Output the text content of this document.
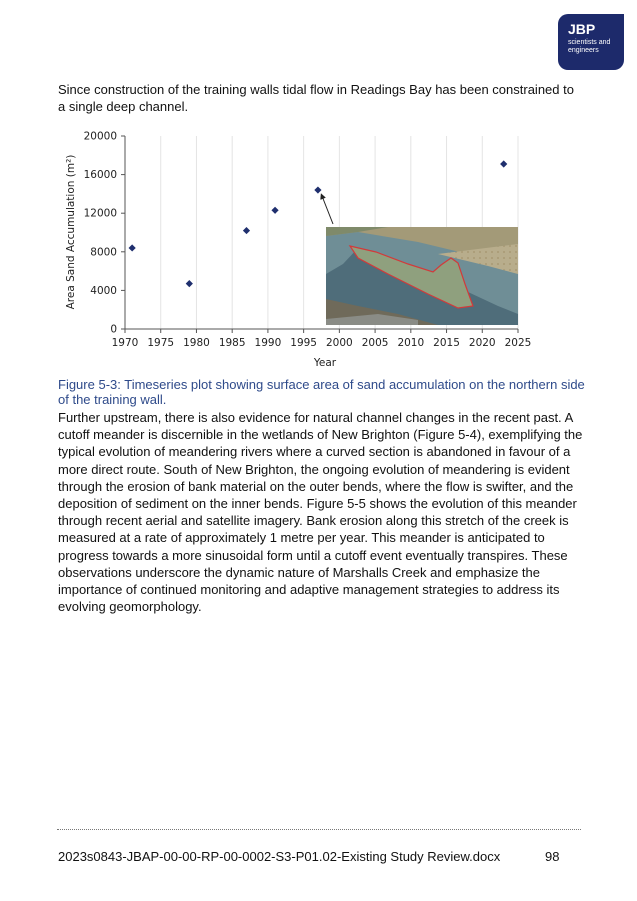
JBP
scientists and engineers
Since construction of the training walls tidal flow in Readings Bay has been constrained to a single deep channel.
1970 1975 1980 1985 1990 1995 2000 2005 2010 2015 2020 2025
0
4000
8000
12000
16000
20000
Area Sand Accumulation (m²)
Year
Figure 5-3: Timeseries plot showing surface area of sand accumulation on the northern side of the training wall.
Further upstream, there is also evidence for natural channel changes in the recent past. A cutoff meander is discernible in the wetlands of New Brighton (Figure 5-4), exemplifying the typical evolution of meandering rivers where a curved section is abandoned in favour of a more direct route. South of New Brighton, the ongoing evolution of meandering is evident through the erosion of bank material on the outer bends, where the flow is swifter, and the deposition of sediment on the inner bends. Figure 5-5 shows the evolution of this meander through recent aerial and satellite imagery. Bank erosion along this stretch of the creek is measured at a rate of approximately 1 metre per year. This meander is anticipated to progress towards a more sinusoidal form until a cutoff event eventually transpires. These observations underscore the dynamic nature of Marshalls Creek and emphasize the importance of continued monitoring and adaptive management strategies to address its evolving geomorphology.
2023s0843-JBAP-00-00-RP-00-0002-S3-P01.02-Existing Study Review.docx	98
